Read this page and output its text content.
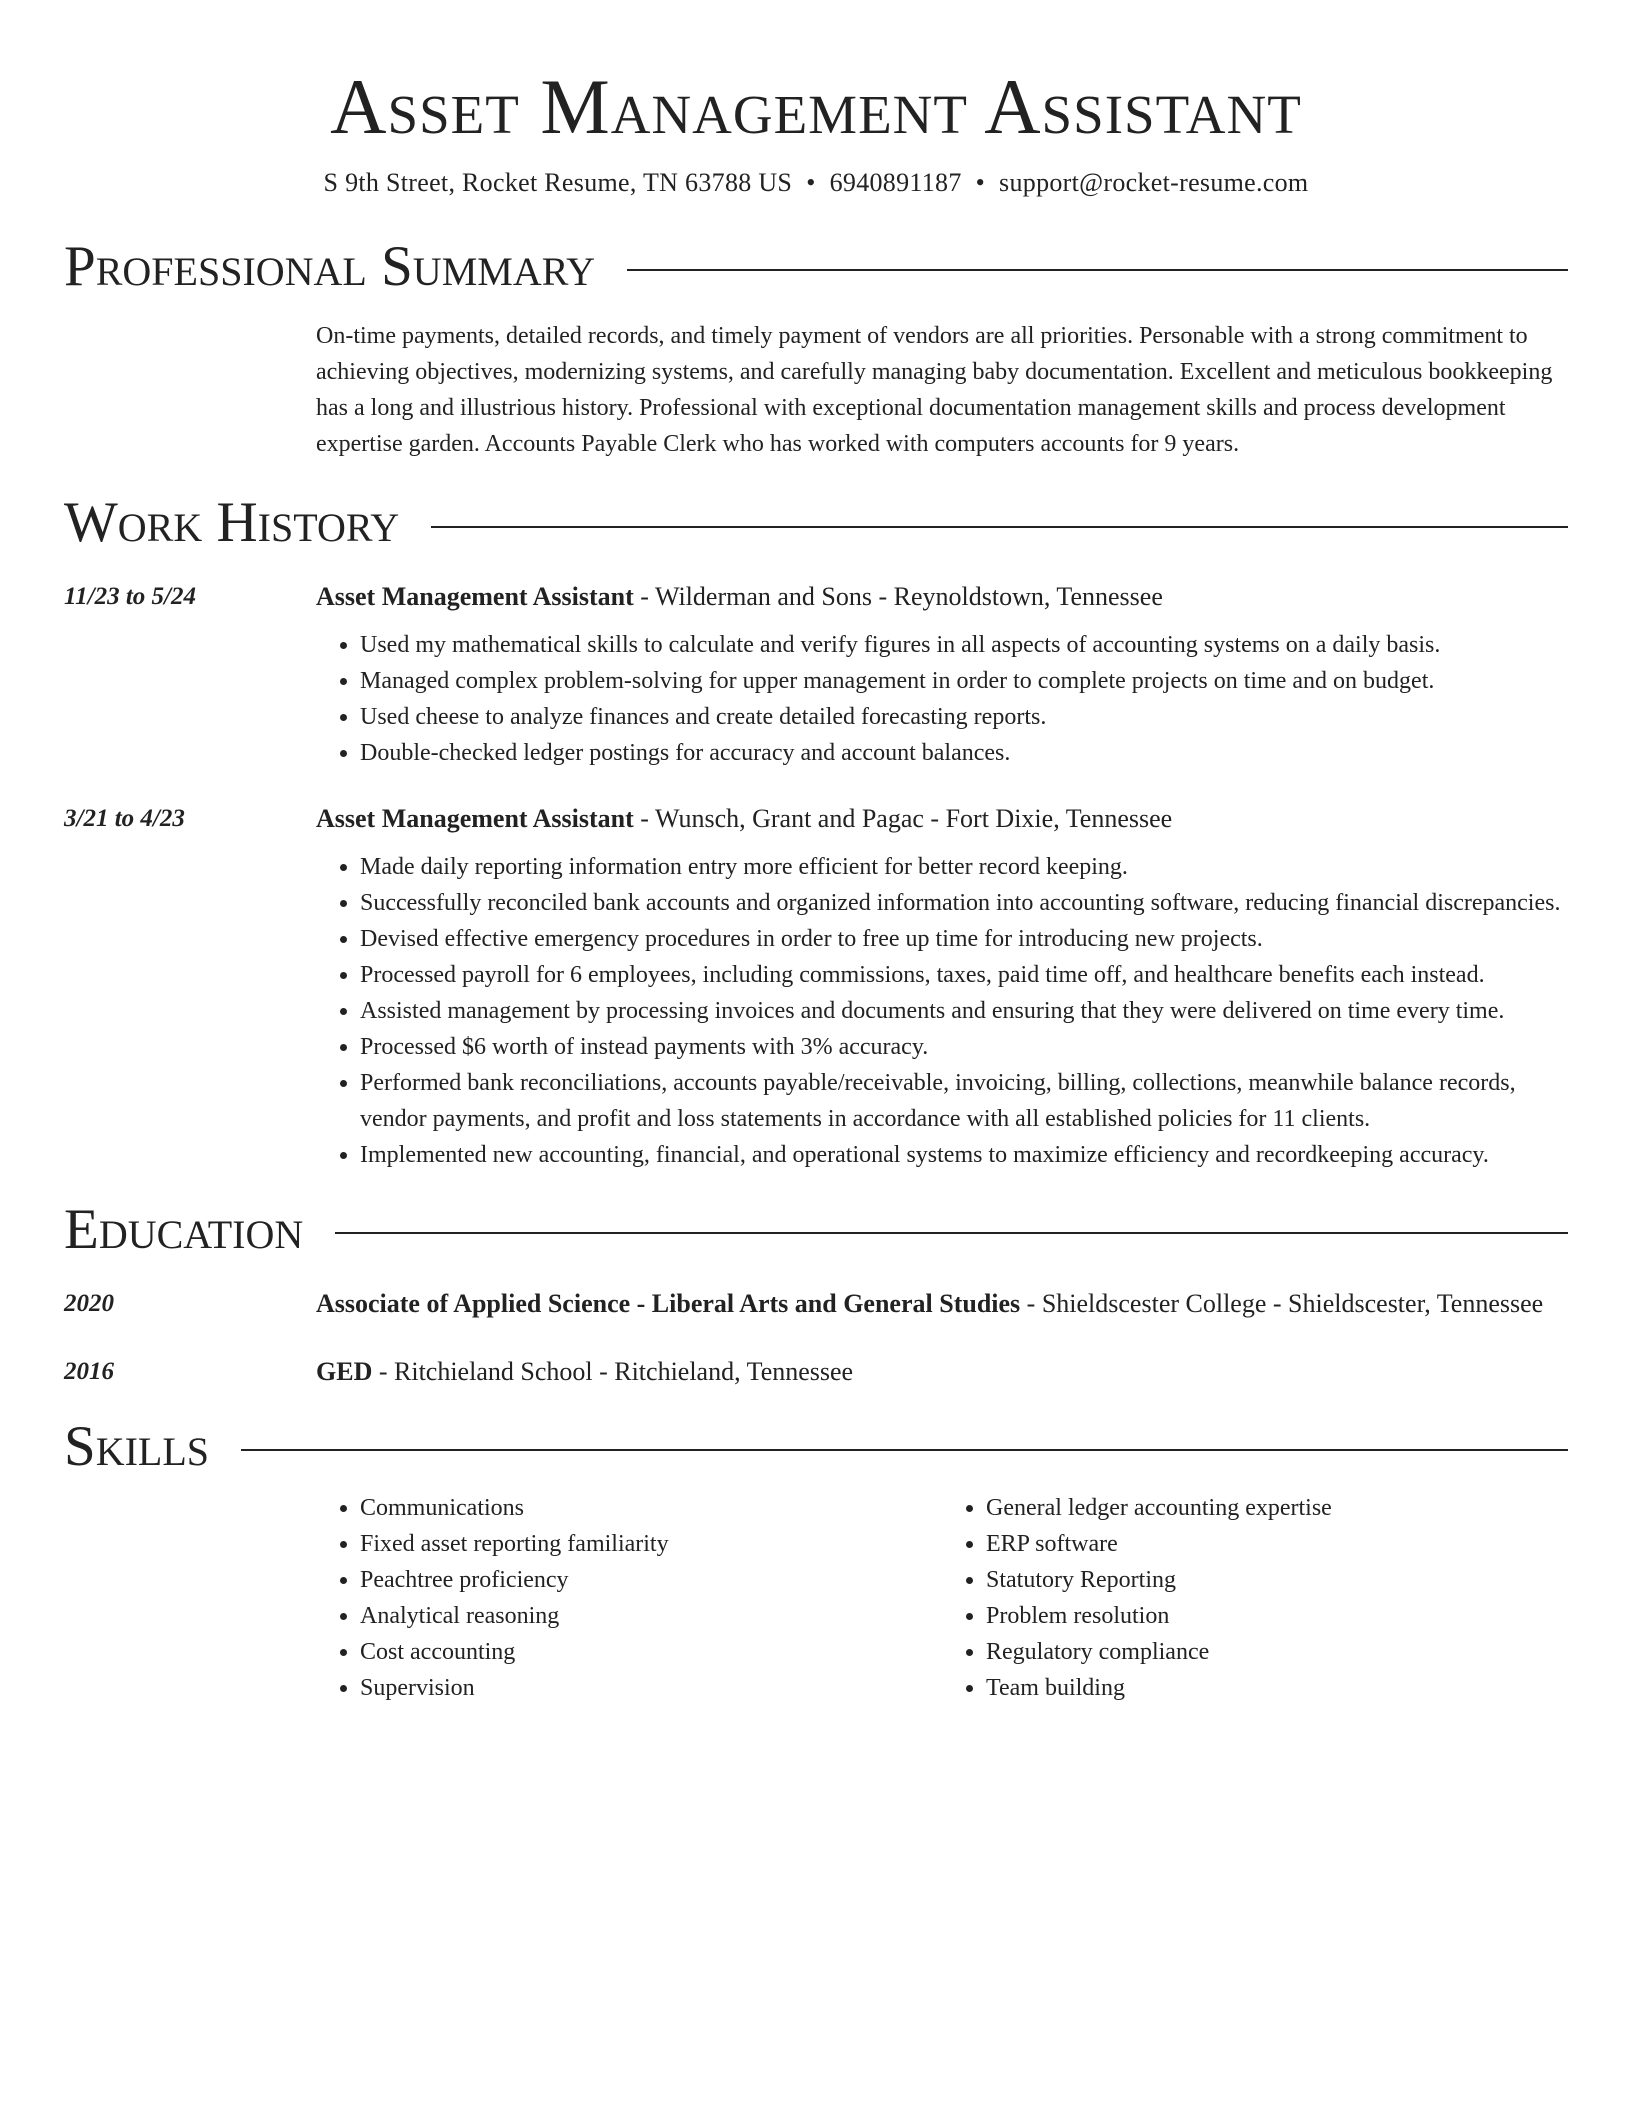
Asset Management Assistant
S 9th Street, Rocket Resume, TN 63788 US • 6940891187 • support@rocket-resume.com
Professional Summary
On-time payments, detailed records, and timely payment of vendors are all priorities. Personable with a strong commitment to achieving objectives, modernizing systems, and carefully managing baby documentation. Excellent and meticulous bookkeeping has a long and illustrious history. Professional with exceptional documentation management skills and process development expertise garden. Accounts Payable Clerk who has worked with computers accounts for 9 years.
Work History
11/23 to 5/24	Asset Management Assistant - Wilderman and Sons - Reynoldstown, Tennessee
• Used my mathematical skills to calculate and verify figures in all aspects of accounting systems on a daily basis.
• Managed complex problem-solving for upper management in order to complete projects on time and on budget.
• Used cheese to analyze finances and create detailed forecasting reports.
• Double-checked ledger postings for accuracy and account balances.
3/21 to 4/23	Asset Management Assistant - Wunsch, Grant and Pagac - Fort Dixie, Tennessee
• Made daily reporting information entry more efficient for better record keeping.
• Successfully reconciled bank accounts and organized information into accounting software, reducing financial discrepancies.
• Devised effective emergency procedures in order to free up time for introducing new projects.
• Processed payroll for 6 employees, including commissions, taxes, paid time off, and healthcare benefits each instead.
• Assisted management by processing invoices and documents and ensuring that they were delivered on time every time.
• Processed $6 worth of instead payments with 3% accuracy.
• Performed bank reconciliations, accounts payable/receivable, invoicing, billing, collections, meanwhile balance records, vendor payments, and profit and loss statements in accordance with all established policies for 11 clients.
• Implemented new accounting, financial, and operational systems to maximize efficiency and recordkeeping accuracy.
Education
2020	Associate of Applied Science - Liberal Arts and General Studies - Shieldscester College - Shieldscester, Tennessee
2016	GED - Ritchieland School - Ritchieland, Tennessee
Skills
• Communications
• Fixed asset reporting familiarity
• Peachtree proficiency
• Analytical reasoning
• Cost accounting
• Supervision
• General ledger accounting expertise
• ERP software
• Statutory Reporting
• Problem resolution
• Regulatory compliance
• Team building
